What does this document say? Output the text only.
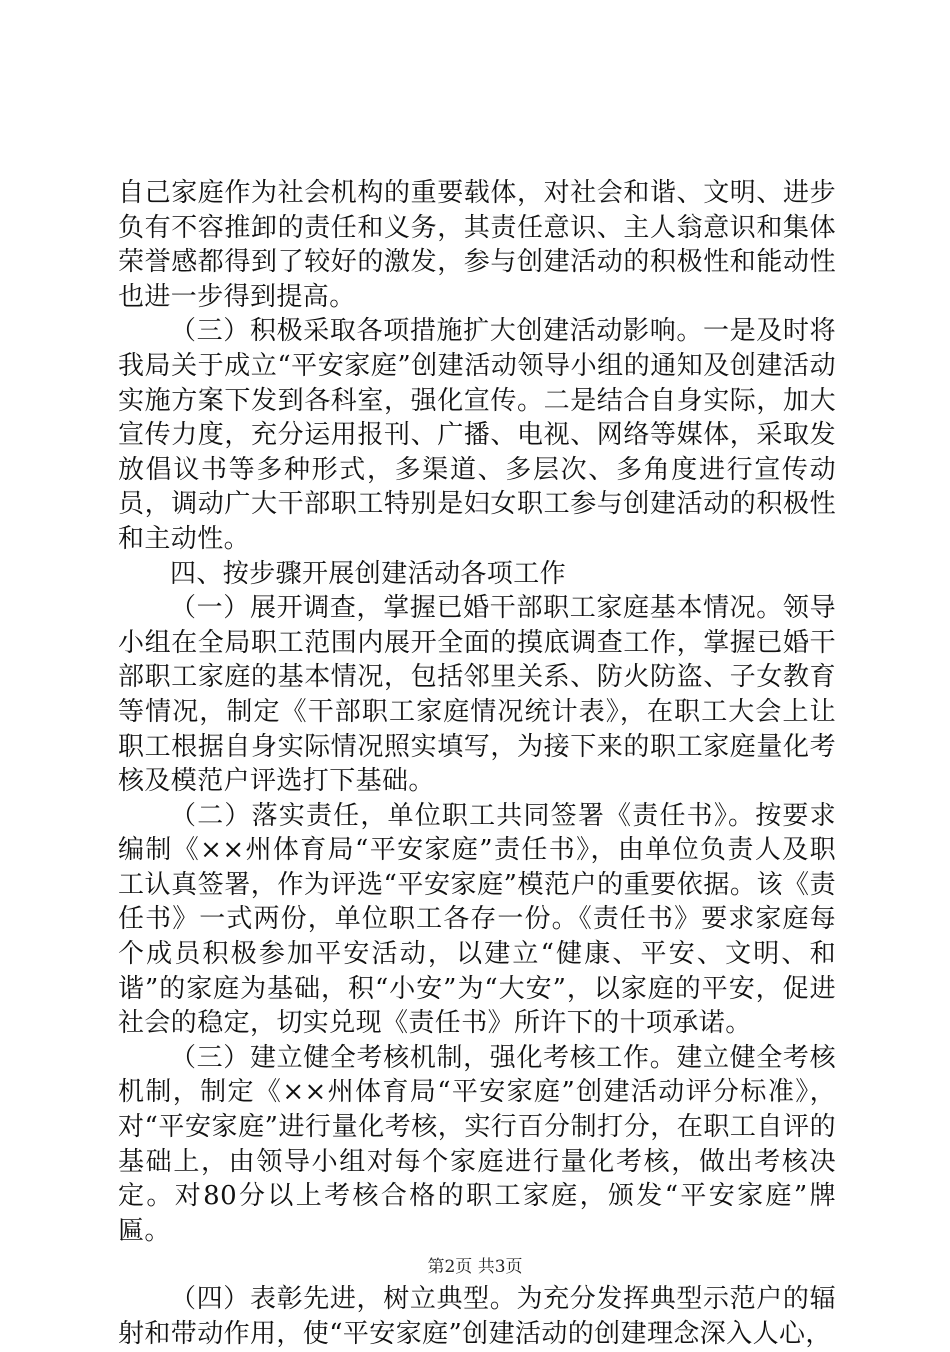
自己家庭作为社会机构的重要载体，对社会和谐、文明、进步负有不容推卸的责任和义务，其责任意识、主人翁意识和集体荣誉感都得到了较好的激发，参与创建活动的积极性和能动性也进一步得到提高。

（三）积极采取各项措施扩大创建活动影响。一是及时将我局关于成立“平安家庭”创建活动领导小组的通知及创建活动实施方案下发到各科室，强化宣传。二是结合自身实际，加大宣传力度，充分运用报刊、广播、电视、网络等媒体，采取发放倡议书等多种形式，多渠道、多层次、多角度进行宣传动员，调动广大干部职工特别是妇女职工参与创建活动的积极性和主动性。

四、按步骤开展创建活动各项工作

（一）展开调查，掌握已婚干部职工家庭基本情况。领导小组在全局职工范围内展开全面的摸底调查工作，掌握已婚干部职工家庭的基本情况，包括邻里关系、防火防盗、子女教育等情况，制定《干部职工家庭情况统计表》，在职工大会上让职工根据自身实际情况照实填写，为接下来的职工家庭量化考核及模范户评选打下基础。

（二）落实责任，单位职工共同签署《责任书》。按要求编制《××州体育局“平安家庭”责任书》，由单位负责人及职工认真签署，作为评选“平安家庭”模范户的重要依据。该《责任书》一式两份，单位职工各存一份。《责任书》要求家庭每个成员积极参加平安活动，以建立“健康、平安、文明、和谐”的家庭为基础，积“小安”为“大安”，以家庭的平安，促进社会的稳定，切实兑现《责任书》所许下的十项承诺。

（三）建立健全考核机制，强化考核工作。建立健全考核机制，制定《××州体育局“平安家庭”创建活动评分标准》，对“平安家庭”进行量化考核，实行百分制打分，在职工自评的基础上，由领导小组对每个家庭进行量化考核，做出考核决定。对80分以上考核合格的职工家庭，颁发“平安家庭”牌匾。

（四）表彰先进，树立典型。为充分发挥典型示范户的辐射和带动作用，使“平安家庭”创建活动的创建理念深入人心，

第2页 共3页
